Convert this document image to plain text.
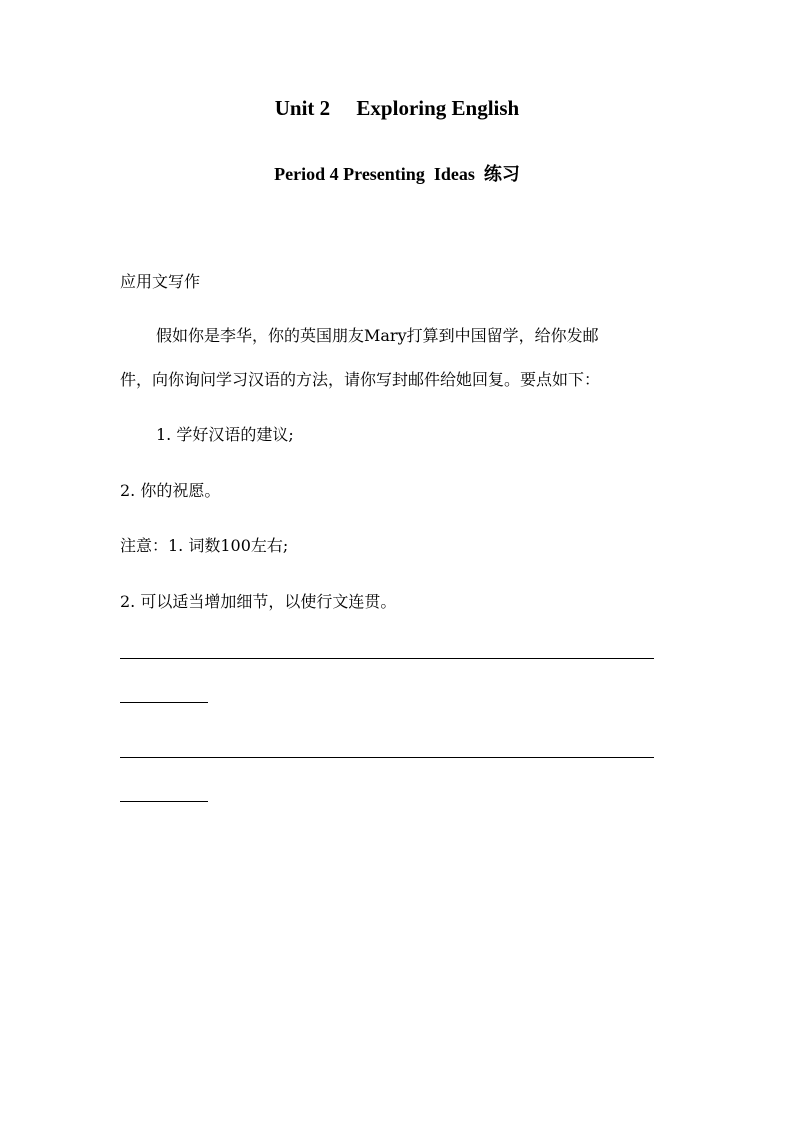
Unit 2     Exploring English
Period 4 Presenting  Ideas  练习
应用文写作
假如你是李华，你的英国朋友Mary打算到中国留学，给你发邮
件，向你询问学习汉语的方法，请你写封邮件给她回复。要点如下：
1. 学好汉语的建议;
2. 你的祝愿。
注意：1. 词数100左右;
2. 可以适当增加细节，以使行文连贯。
